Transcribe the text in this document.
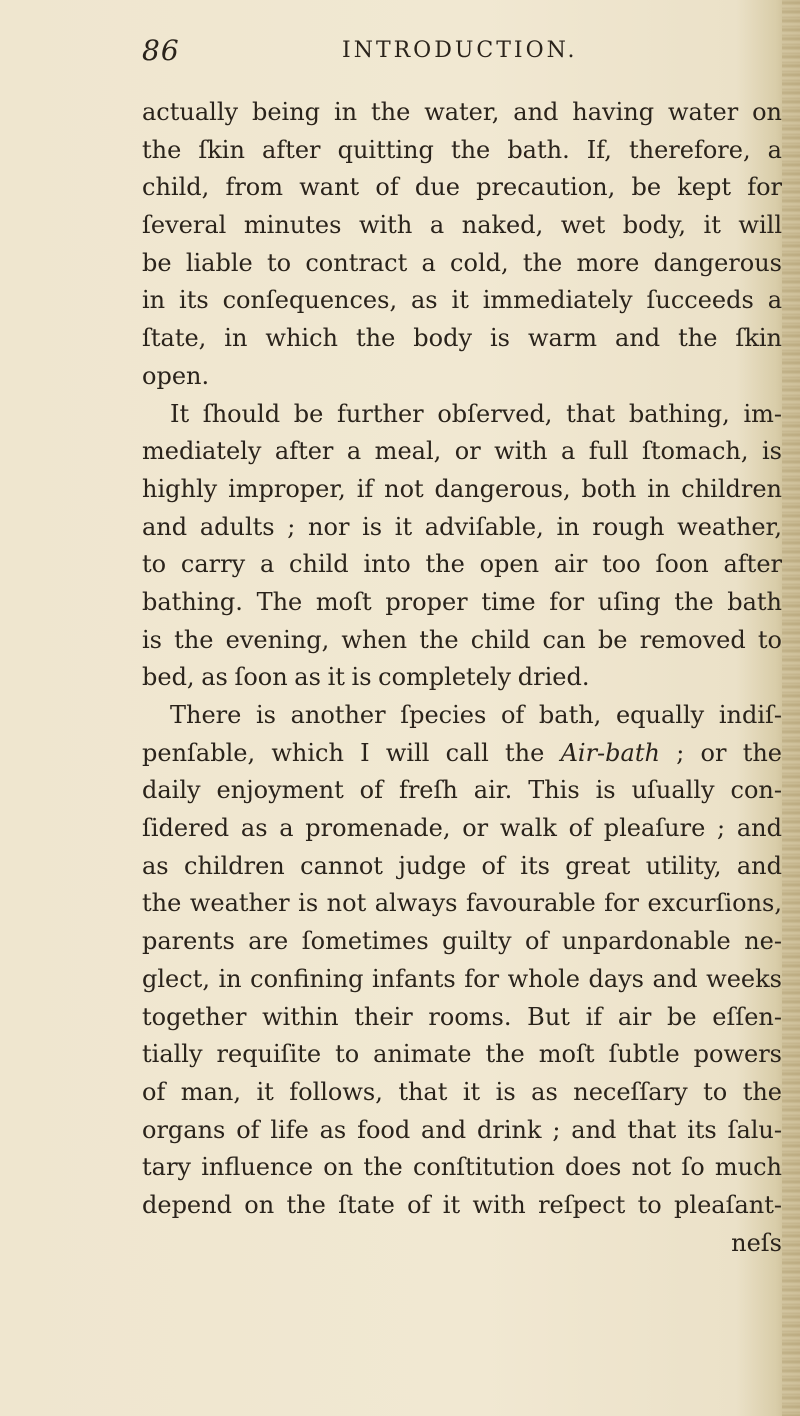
86	INTRODUCTION.
actually being in the water, and having water on
the ſkin after quitting the bath. If, therefore, a
child, from want of due precaution, be kept for
ſeveral minutes with a naked, wet body, it will
be liable to contract a cold, the more dangerous
in its conſequences, as it immediately ſucceeds a
ſtate, in which the body is warm and the ſkin
open.
It ſhould be further obſerved, that bathing, im-
mediately after a meal, or with a full ſtomach, is
highly improper, if not dangerous, both in children
and adults ; nor is it adviſable, in rough weather,
to carry a child into the open air too ſoon after
bathing. The moſt proper time for uſing the bath
is the evening, when the child can be removed to
bed, as ſoon as it is completely dried.
There is another ſpecies of bath, equally indiſ-
penſable, which I will call the Air-bath ; or the
daily enjoyment of freſh air. This is uſually con-
ſidered as a promenade, or walk of pleaſure ; and
as children cannot judge of its great utility, and
the weather is not always favourable for excurſions,
parents are ſometimes guilty of unpardonable ne-
glect, in confining infants for whole days and weeks
together within their rooms. But if air be eſſen-
tially requiſite to animate the moſt ſubtle powers
of man, it follows, that it is as neceſſary to the
organs of life as food and drink ; and that its ſalu-
tary influence on the conſtitution does not ſo much
depend on the ſtate of it with reſpect to pleaſant-
neſs
